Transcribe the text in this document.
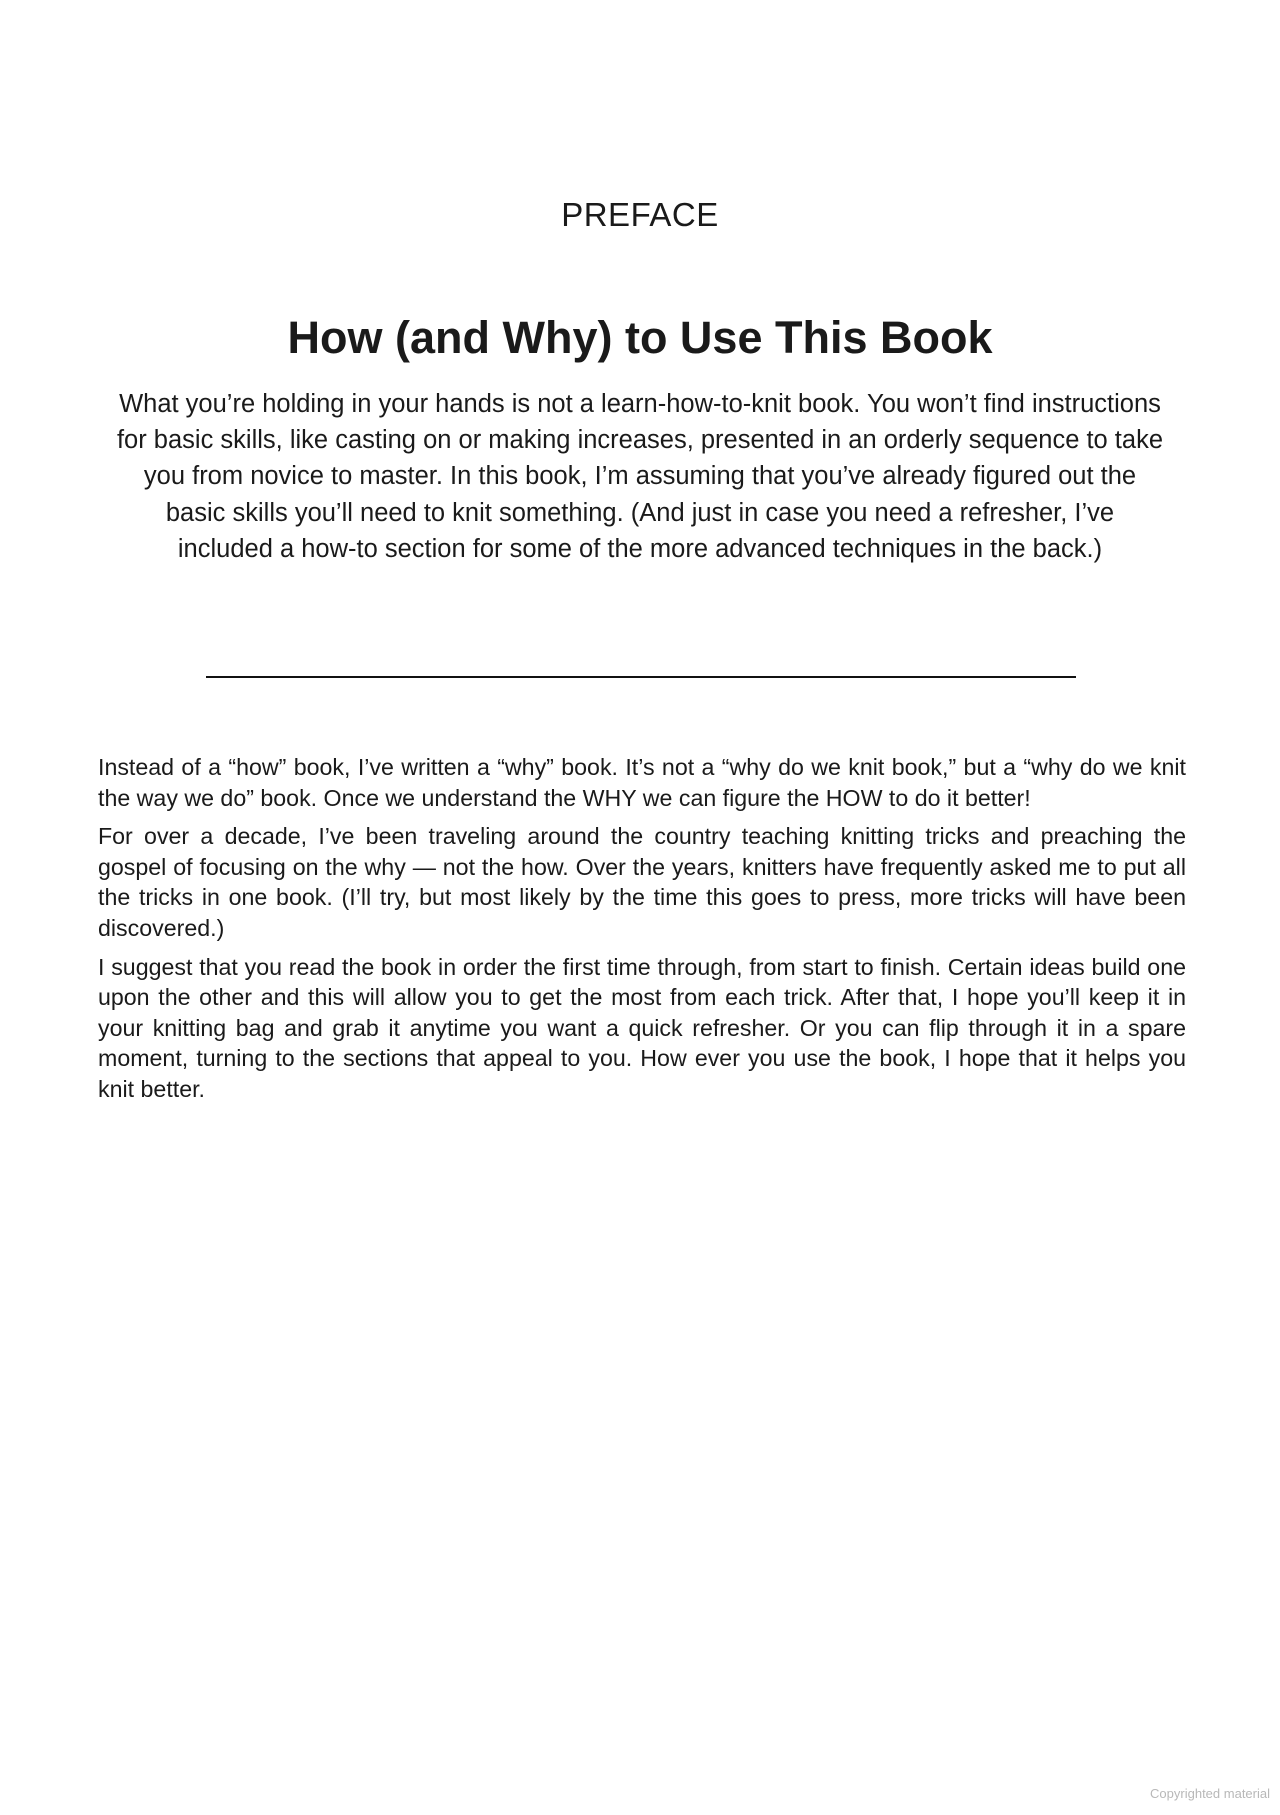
PREFACE
How (and Why) to Use This Book

What you’re holding in your hands is not a learn-how-to-knit book. You won’t find instructions for basic skills, like casting on or making increases, presented in an orderly sequence to take you from novice to master. In this book, I’m assuming that you’ve already figured out the basic skills you’ll need to knit something. (And just in case you need a refresher, I’ve included a how-to section for some of the more advanced techniques in the back.)

Instead of a “how” book, I’ve written a “why” book. It’s not a “why do we knit book,” but a “why do we knit the way we do” book. Once we understand the WHY we can figure the HOW to do it better!

For over a decade, I’ve been traveling around the country teaching knitting tricks and preaching the gospel of focusing on the why — not the how. Over the years, knitters have frequently asked me to put all the tricks in one book. (I’ll try, but most likely by the time this goes to press, more tricks will have been discovered.)

I suggest that you read the book in order the first time through, from start to finish. Certain ideas build one upon the other and this will allow you to get the most from each trick. After that, I hope you’ll keep it in your knitting bag and grab it anytime you want a quick refresher. Or you can flip through it in a spare moment, turning to the sections that appeal to you. How ever you use the book, I hope that it helps you knit better.

Copyrighted material
